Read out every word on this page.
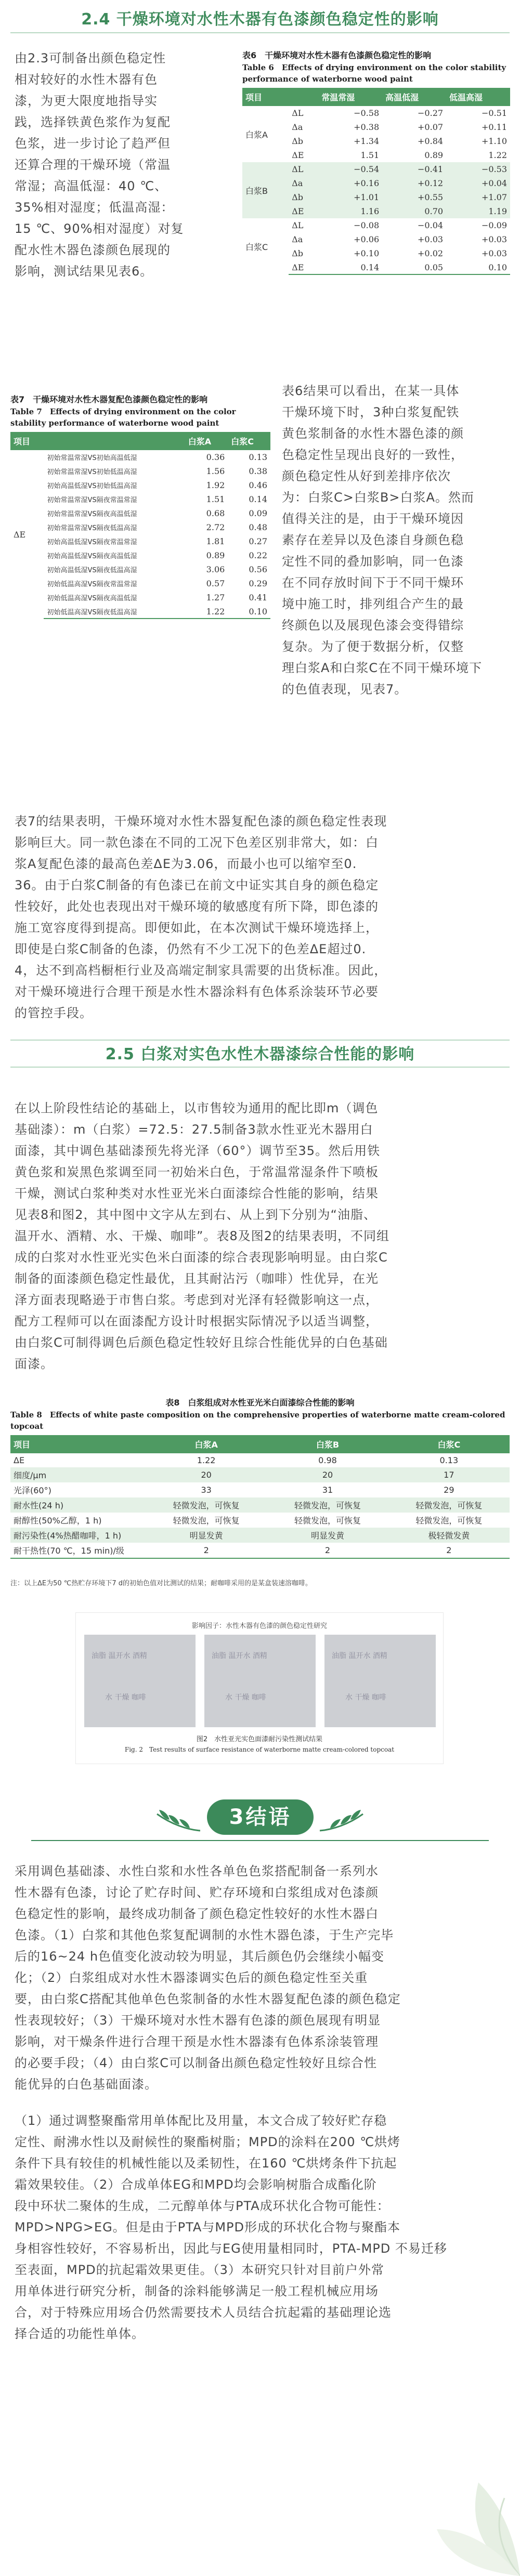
2.4 干燥环境对水性木器有色漆颜色稳定性的影响
由2.3可制备出颜色稳定性
相对较好的水性木器有色
漆，为更大限度地指导实
践，选择铁黄色浆作为复配
色浆，进一步讨论了趋严但
还算合理的干燥环境（常温
常湿；高温低湿：40 ℃、
35%相对湿度；低温高湿：
15 ℃、90%相对湿度）对复
配水性木器色漆颜色展现的
影响，测试结果见表6。
表6　干燥环境对水性木器有色漆颜色稳定性的影响
Table 6　Effects of drying environment on the color stability performance of waterborne wood paint
项目		常温常湿	高温低湿	低温高湿
白浆A	ΔL	−0.58	−0.27	−0.51
	Δa	+0.38	+0.07	+0.11
	Δb	+1.34	+0.84	+1.10
	ΔE	1.51	0.89	1.22
白浆B	ΔL	−0.54	−0.41	−0.53
	Δa	+0.16	+0.12	+0.04
	Δb	+1.01	+0.55	+1.07
	ΔE	1.16	0.70	1.19
白浆C	ΔL	−0.08	−0.04	−0.09
	Δa	+0.06	+0.03	+0.03
	Δb	+0.10	+0.02	+0.03
	ΔE	0.14	0.05	0.10
表7　干燥环境对水性木器复配色漆颜色稳定性的影响
Table 7　Effects of drying environment on the color stability performance of waterborne wood paint
项目		白浆A	白浆C
ΔE	初始常温常湿VS初始高温低湿	0.36	0.13
	初始常温常湿VS初始低温高湿	1.56	0.38
	初始高温低湿VS初始低温高湿	1.92	0.46
	初始常温常湿VS隔夜常温常湿	1.51	0.14
	初始常温常湿VS隔夜高温低湿	0.68	0.09
	初始常温常湿VS隔夜低温高湿	2.72	0.48
	初始高温低湿VS隔夜常温常湿	1.81	0.27
	初始高温低湿VS隔夜高温低湿	0.89	0.22
	初始高温低湿VS隔夜低温高湿	3.06	0.56
	初始低温高湿VS隔夜常温常湿	0.57	0.29
	初始低温高湿VS隔夜高温低湿	1.27	0.41
	初始低温高湿VS隔夜低温高湿	1.22	0.10
表6结果可以看出，在某一具体
干燥环境下时，3种白浆复配铁
黄色浆制备的水性木器色漆的颜
色稳定性呈现出良好的一致性，
颜色稳定性从好到差排序依次
为：白浆C>白浆B>白浆A。然而
值得关注的是，由于干燥环境因
素存在差异以及色漆自身颜色稳
定性不同的叠加影响，同一色漆
在不同存放时间下于不同干燥环
境中施工时，排列组合产生的最
终颜色以及展现色漆会变得错综
复杂。为了便于数据分析，仅整
理白浆A和白浆C在不同干燥环境下
的色值表现，见表7。
表7的结果表明，干燥环境对水性木器复配色漆的颜色稳定性表现
影响巨大。同一款色漆在不同的工况下色差区别非常大，如：白
浆A复配色漆的最高色差ΔE为3.06，而最小也可以缩窄至0.
36。由于白浆C制备的有色漆已在前文中证实其自身的颜色稳定
性较好，此处也表现出对干燥环境的敏感度有所下降，即色漆的
施工宽容度得到提高。即便如此，在本次测试干燥环境选择上，
即使是白浆C制备的色漆，仍然有不少工况下的色差ΔE超过0.
4，达不到高档橱柜行业及高端定制家具需要的出货标准。因此，
对干燥环境进行合理干预是水性木器涂料有色体系涂装环节必要
的管控手段。
2.5 白浆对实色水性木器漆综合性能的影响
在以上阶段性结论的基础上，以市售较为通用的配比即m（调色
基础漆）：m（白浆）=72.5：27.5制备3款水性亚光木器用白
面漆，其中调色基础漆预先将光泽（60°）调节至35。然后用铁
黄色浆和炭黑色浆调至同一初始米白色，于常温常湿条件下喷板
干燥，测试白浆种类对水性亚光米白面漆综合性能的影响，结果
见表8和图2，其中图中文字从左到右、从上到下分别为“油脂、
温开水、酒精、水、干燥、咖啡”。表8及图2的结果表明，不同组
成的白浆对水性亚光实色米白面漆的综合表现影响明显。由白浆C
制备的面漆颜色稳定性最优，且其耐沾污（咖啡）性优异，在光
泽方面表现略逊于市售白浆。考虑到对光泽有轻微影响这一点，
配方工程师可以在面漆配方设计时根据实际情况予以适当调整，
由白浆C可制得调色后颜色稳定性较好且综合性能优异的白色基础
面漆。
表8　白浆组成对水性亚光米白面漆综合性能的影响
Table 8　Effects of white paste composition on the comprehensive properties of waterborne matte cream-colored topcoat
项目	白浆A	白浆B	白浆C
ΔE	1.22	0.98	0.13
细度/μm	20	20	17
光泽(60°)	33	31	29
耐水性(24 h)	轻微发泡，可恢复	轻微发泡，可恢复	轻微发泡，可恢复
耐醇性(50%乙醇，1 h)	轻微发泡，可恢复	轻微发泡，可恢复	轻微发泡，可恢复
耐污染性(4%热醋咖啡，1 h)	明显发黄	明显发黄	极轻微发黄
耐干热性(70 ℃，15 min)/级	2	2	2
注：以上ΔE为50 ℃热贮存环境下7 d的初始色值对比测试的结果；耐咖啡采用的是某盒装速溶咖啡。
影响因子：水性木器有色漆的颜色稳定性研究
油脂 温开水 酒精
水 干燥 咖啡
油脂 温开水 酒精
水 干燥 咖啡
油脂 温开水 酒精
水 干燥 咖啡
图2　水性亚光实色面漆耐污染性测试结果
Fig. 2　Test results of surface resistance of waterborne matte cream-colored topcoat
3结语
采用调色基础漆、水性白浆和水性各单色色浆搭配制备一系列水
性木器有色漆，讨论了贮存时间、贮存环境和白浆组成对色漆颜
色稳定性的影响，最终成功制备了颜色稳定性较好的水性木器白
色漆。（1）白浆和其他色浆复配调制的水性木器色漆，于生产完毕
后的16~24 h色值变化波动较为明显，其后颜色仍会继续小幅变
化；（2）白浆组成对水性木器漆调实色后的颜色稳定性至关重
要，由白浆C搭配其他单色色浆制备的水性木器复配色漆的颜色稳定
性表现较好；（3）干燥环境对水性木器有色漆的颜色展现有明显
影响，对干燥条件进行合理干预是水性木器漆有色体系涂装管理
的必要手段；（4）由白浆C可以制备出颜色稳定性较好且综合性
能优异的白色基础面漆。
（1）通过调整聚酯常用单体配比及用量，本文合成了较好贮存稳
定性、耐沸水性以及耐候性的聚酯树脂；MPD的涂料在200 ℃烘烤
条件下具有较佳的机械性能以及柔韧性，在160 ℃烘烤条件下抗起
霜效果较佳。（2）合成单体EG和MPD均会影响树脂合成酯化阶
段中环状二聚体的生成，二元醇单体与PTA成环状化合物可能性：
MPD>NPG>EG。但是由于PTA与MPD形成的环状化合物与聚酯本
身相容性较好，不容易析出，因此与EG使用量相同时，PTA-MPD 不易迁移
至表面，MPD的抗起霜效果更佳。（3）本研究只针对目前户外常
用单体进行研究分析，制备的涂料能够满足一般工程机械应用场
合，对于特殊应用场合仍然需要技术人员结合抗起霜的基础理论选
择合适的功能性单体。
